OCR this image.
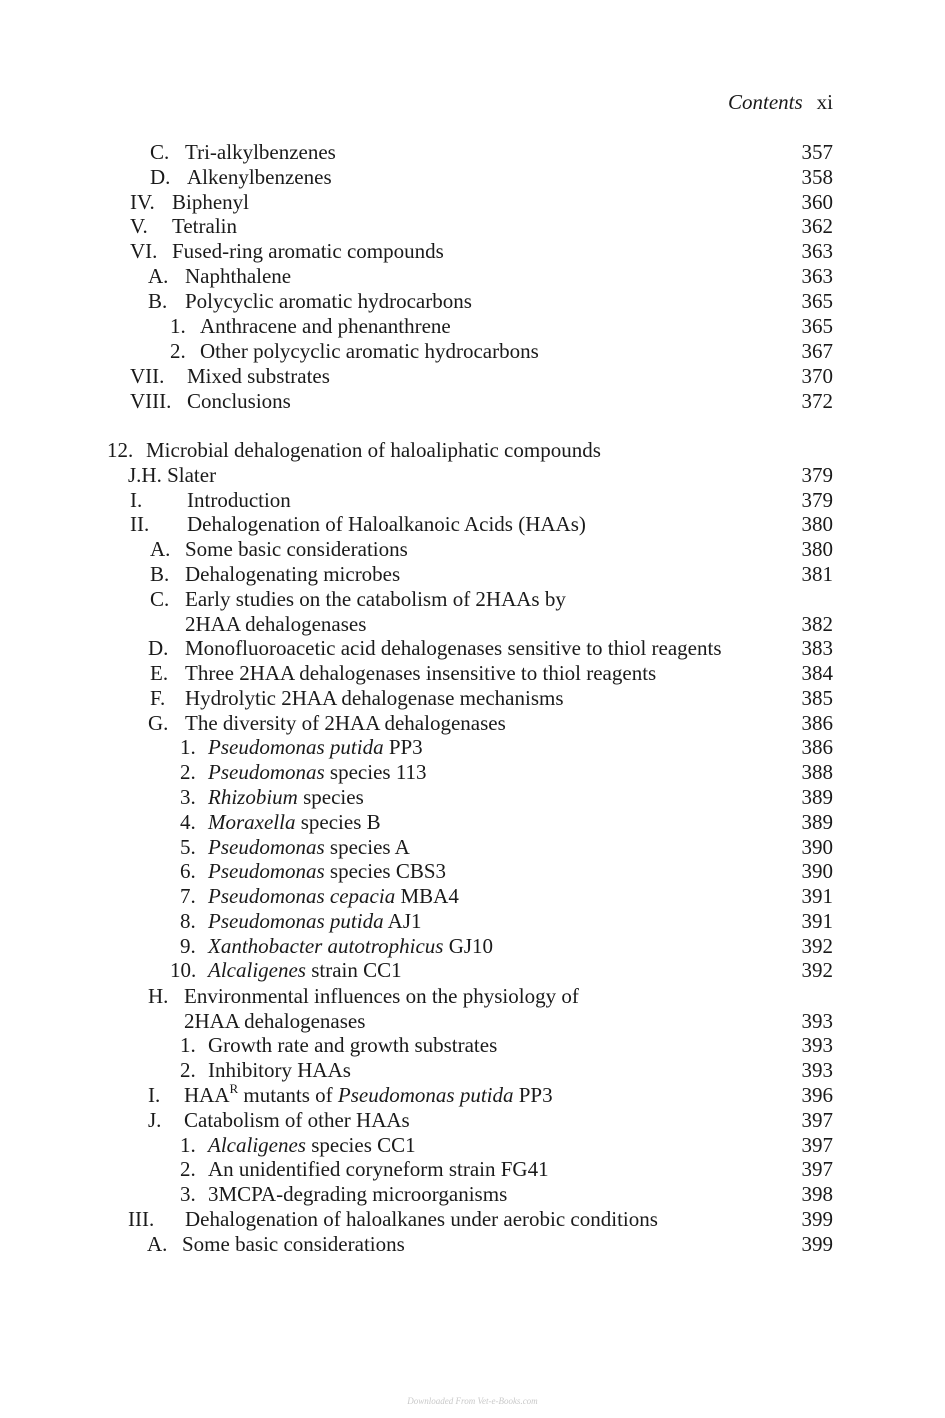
Contents xi
C. Tri-alkylbenzenes	357
D. Alkenylbenzenes	358
IV. Biphenyl	360
V. Tetralin	362
VI. Fused-ring aromatic compounds	363
A. Naphthalene	363
B. Polycyclic aromatic hydrocarbons	365
1. Anthracene and phenanthrene	365
2. Other polycyclic aromatic hydrocarbons	367
VII. Mixed substrates	370
VIII. Conclusions	372
12. Microbial dehalogenation of haloaliphatic compounds
J.H. Slater	379
I. Introduction	379
II. Dehalogenation of Haloalkanoic Acids (HAAs)	380
A. Some basic considerations	380
B. Dehalogenating microbes	381
C. Early studies on the catabolism of 2HAAs by
2HAA dehalogenases	382
D. Monofluoroacetic acid dehalogenases sensitive to thiol reagents	383
E. Three 2HAA dehalogenases insensitive to thiol reagents	384
F. Hydrolytic 2HAA dehalogenase mechanisms	385
G. The diversity of 2HAA dehalogenases	386
1. Pseudomonas putida PP3	386
2. Pseudomonas species 113	388
3. Rhizobium species	389
4. Moraxella species B	389
5. Pseudomonas species A	390
6. Pseudomonas species CBS3	390
7. Pseudomonas cepacia MBA4	391
8. Pseudomonas putida AJ1	391
9. Xanthobacter autotrophicus GJ10	392
10. Alcaligenes strain CC1	392
H. Environmental influences on the physiology of
2HAA dehalogenases	393
1. Growth rate and growth substrates	393
2. Inhibitory HAAs	393
I. $HAA^R$ mutants of Pseudomonas putida PP3	396
J. Catabolism of other HAAs	397
1. Alcaligenes species CC1	397
2. An unidentified coryneform strain FG41	397
3. 3MCPA-degrading microorganisms	398
III. Dehalogenation of haloalkanes under aerobic conditions	399
A. Some basic considerations	399
Downloaded From Vet-e-Books.com
